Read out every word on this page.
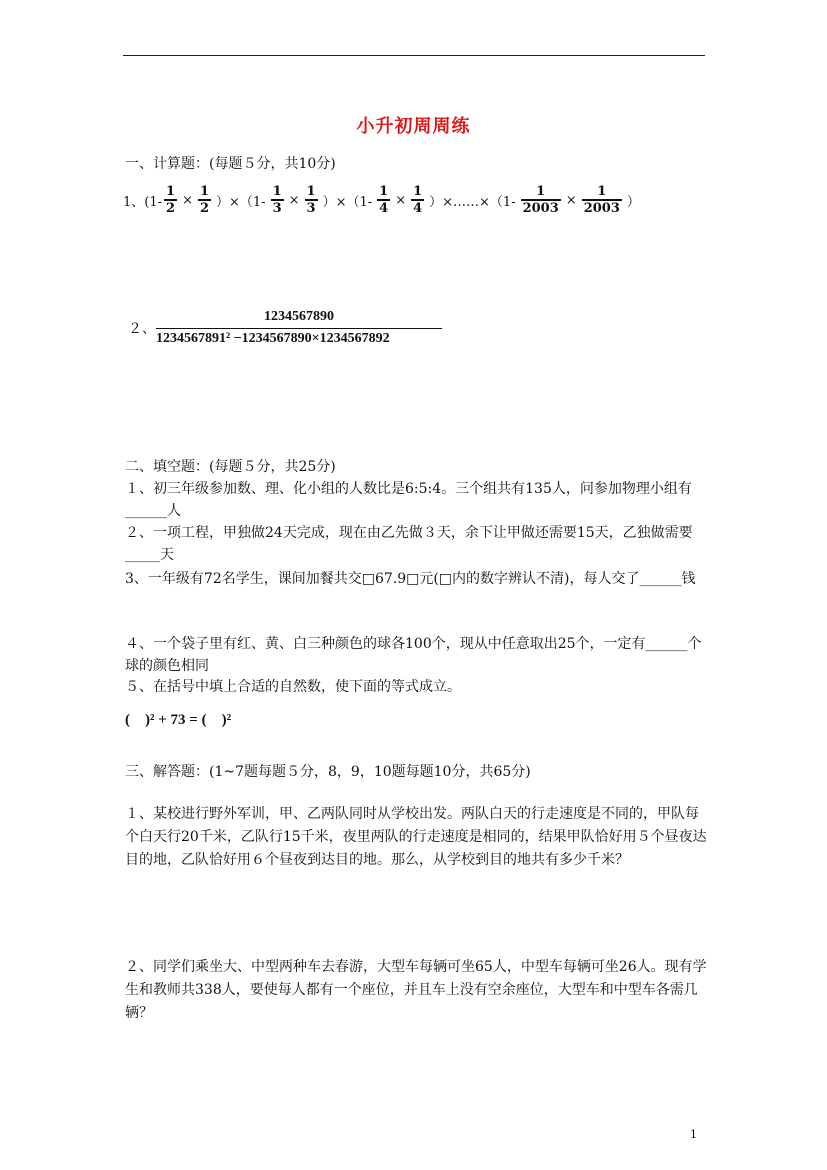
小升初周周练
一、计算题：(每题５分，共10分)
1、$(1- \frac{1}{2} \times \frac{1}{2} )\times(1- \frac{1}{3} \times \frac{1}{3} )\times(1- \frac{1}{4} \times \frac{1}{4}$ ）×……×（1- $\frac{1}{2003} \times \frac{1}{2003}$ ）
２、
1234567890
1234567891² −1234567890×1234567892
二、填空题：(每题５分，共25分)
１、初三年级参加数、理、化小组的人数比是6:5:4。三个组共有135人，问参加物理小组有______人
２、一项工程，甲独做24天完成，现在由乙先做３天，余下让甲做还需要15天，乙独做需要_____天
3、一年级有72名学生，课间加餐共交□67.9□元(□内的数字辨认不清)，每人交了______钱
４、一个袋子里有红、黄、白三种颜色的球各100个，现从中任意取出25个，一定有______个球的颜色相同
５、在括号中填上合适的自然数，使下面的等式成立。
(　)² + 73 = (　)²
三、解答题：(1~7题每题５分，8，9，10题每题10分，共65分)
１、某校进行野外军训，甲、乙两队同时从学校出发。两队白天的行走速度是不同的，甲队每个白天行20千米，乙队行15千米，夜里两队的行走速度是相同的，结果甲队恰好用５个昼夜达目的地，乙队恰好用６个昼夜到达目的地。那么，从学校到目的地共有多少千米？
２、同学们乘坐大、中型两种车去春游，大型车每辆可坐65人，中型车每辆可坐26人。现有学生和教师共338人，要使每人都有一个座位，并且车上没有空余座位，大型车和中型车各需几辆？
1
